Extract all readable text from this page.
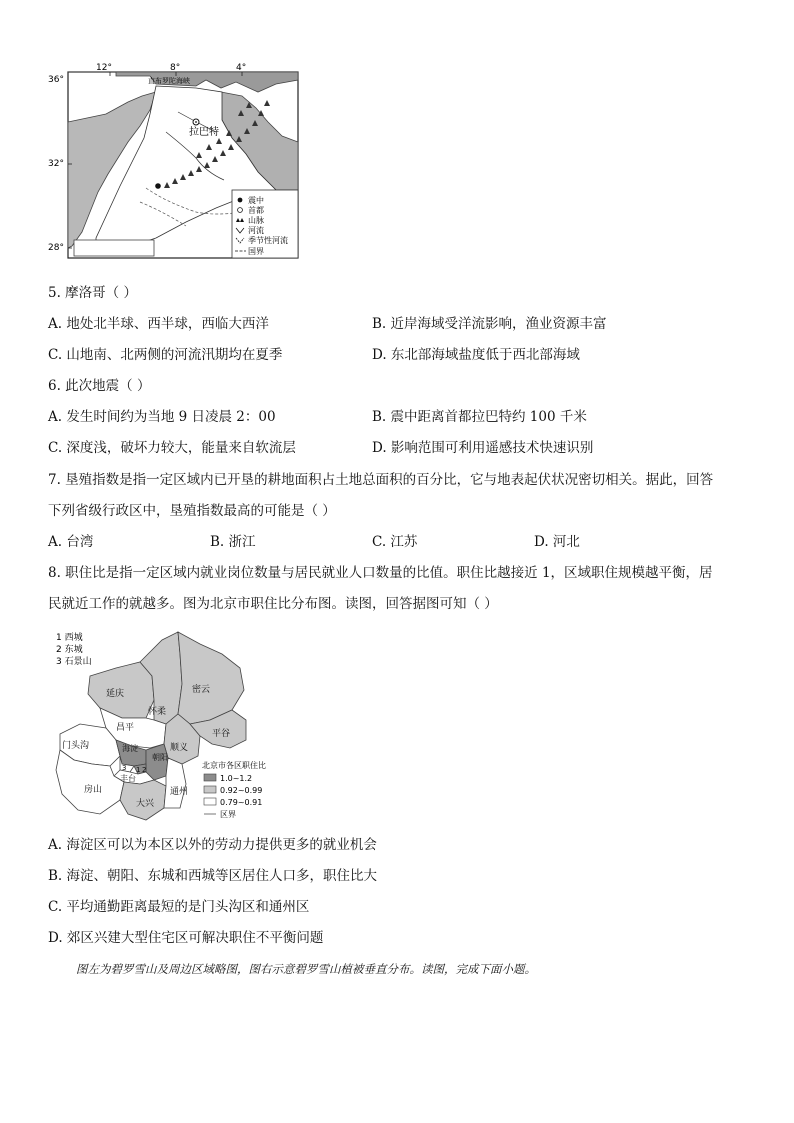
12°	8°	4°
36°
32°
28°
直布罗陀海峡
拉巴特
震中
首都
山脉
河流
季节性河流
国界
5. 摩洛哥（ ）
A. 地处北半球、西半球，西临大西洋	B. 近岸海域受洋流影响，渔业资源丰富
C. 山地南、北两侧的河流汛期均在夏季	D. 东北部海域盐度低于西北部海域
6. 此次地震（ ）
A. 发生时间约为当地 9 日凌晨 2：00	B. 震中距离首都拉巴特约 100 千米
C. 深度浅，破坏力较大，能量来自软流层	D. 影响范围可利用遥感技术快速识别
7. 垦殖指数是指一定区域内已开垦的耕地面积占土地总面积的百分比，它与地表起伏状况密切相关。据此，回答
下列省级行政区中，垦殖指数最高的可能是（ ）
A. 台湾	B. 浙江	C. 江苏	D. 河北
8. 职住比是指一定区域内就业岗位数量与居民就业人口数量的比值。职住比越接近 1，区域职住规模越平衡，居
民就近工作的就越多。图为北京市职住比分布图。读图，回答据图可知（ ）
1 西城
2 东城
3 石景山
延庆
怀柔
密云
昌平
顺义
平谷
门头沟	海淀
朝阳
丰台
房山
大兴
通州
1 2
3	北京市各区职住比
1.0~1.2
0.92~0.99
0.79~0.91
区界
A. 海淀区可以为本区以外的劳动力提供更多的就业机会
B. 海淀、朝阳、东城和西城等区居住人口多，职住比大
C. 平均通勤距离最短的是门头沟区和通州区
D. 郊区兴建大型住宅区可解决职住不平衡问题
图左为碧罗雪山及周边区域略图，图右示意碧罗雪山植被垂直分布。读图，完成下面小题。
